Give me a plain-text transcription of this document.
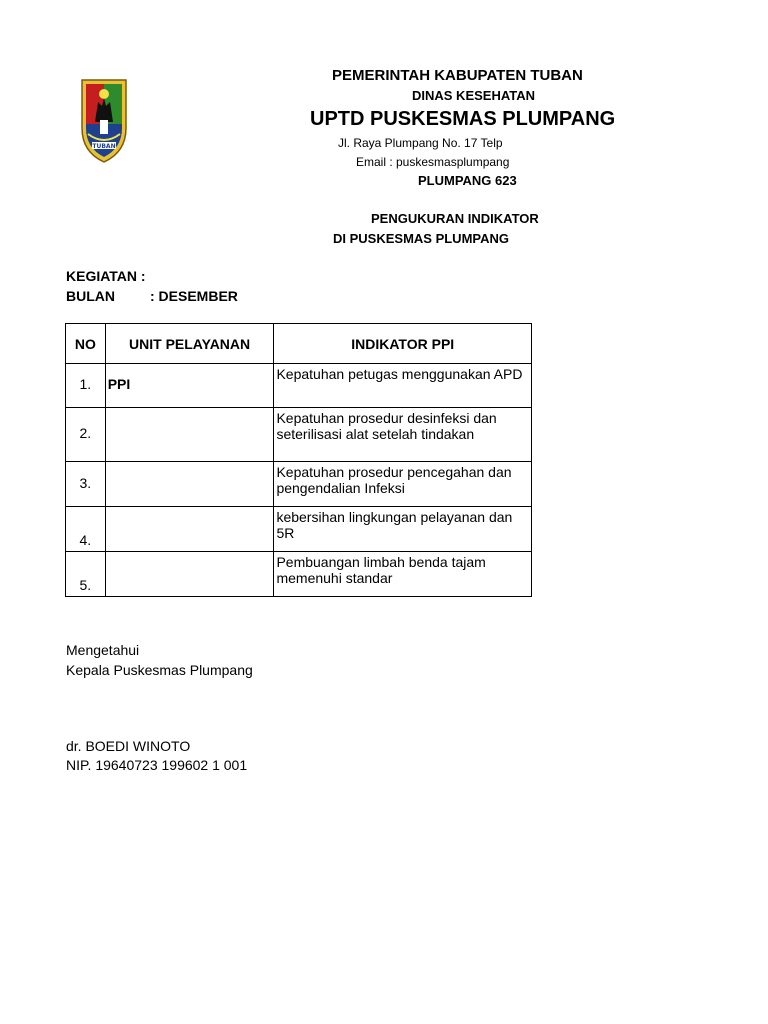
TUBAN
PEMERINTAH KABUPATEN TUBAN
DINAS KESEHATAN
UPTD PUSKESMAS PLUMPANG
Jl. Raya Plumpang No. 17 Telp
Email : puskesmasplumpang
PLUMPANG 623
PENGUKURAN INDIKATOR
DI PUSKESMAS PLUMPANG
KEGIATAN :
BULAN	: DESEMBER
NO	UNIT PELAYANAN	INDIKATOR PPI
1.	PPI	Kepatuhan petugas menggunakan APD
2.		Kepatuhan prosedur desinfeksi dan seterilisasi alat setelah tindakan
3.		Kepatuhan prosedur pencegahan dan pengendalian Infeksi
4.		kebersihan lingkungan pelayanan dan 5R
5.		Pembuangan limbah benda tajam memenuhi standar
Mengetahui
Kepala Puskesmas Plumpang
dr. BOEDI WINOTO
NIP. 19640723 199602 1 001
